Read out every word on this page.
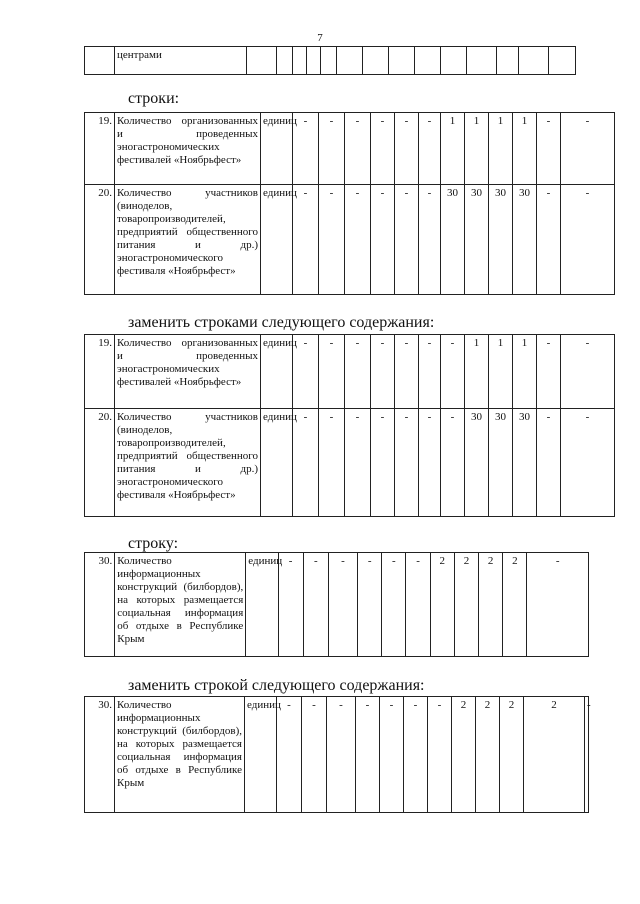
7
	центрами														
строки:
19.	Количество организованных и проведенных эногастрономических фестивалей «Ноябрьфест»	единиц	-	-	-	-	-	-	1	1	1	1	-	-
20.	Количество участников (виноделов, товаропроизводителей, предприятий общественного питания и др.) эногастрономического фестиваля «Ноябрьфест»	единиц	-	-	-	-	-	-	30	30	30	30	-	-
заменить строками следующего содержания:
19.	Количество организованных и проведенных эногастрономических фестивалей «Ноябрьфест»	единиц	-	-	-	-	-	-	-	1	1	1	-	-
20.	Количество участников (виноделов, товаропроизводителей, предприятий общественного питания и др.) эногастрономического фестиваля «Ноябрьфест»	единиц	-	-	-	-	-	-	-	30	30	30	-	-
строку:
30.	Количество информационных конструкций (билбордов), на которых размещается социальная информация об отдыхе в Республике Крым	единиц	-	-	-	-	-	-	2	2	2	2	-
заменить строкой следующего содержания:
30.	Количество информационных конструкций (билбордов), на которых размещается социальная информация об отдыхе в Республике Крым	единиц	-	-	-	-	-	-	-	2	2	2	2	-
